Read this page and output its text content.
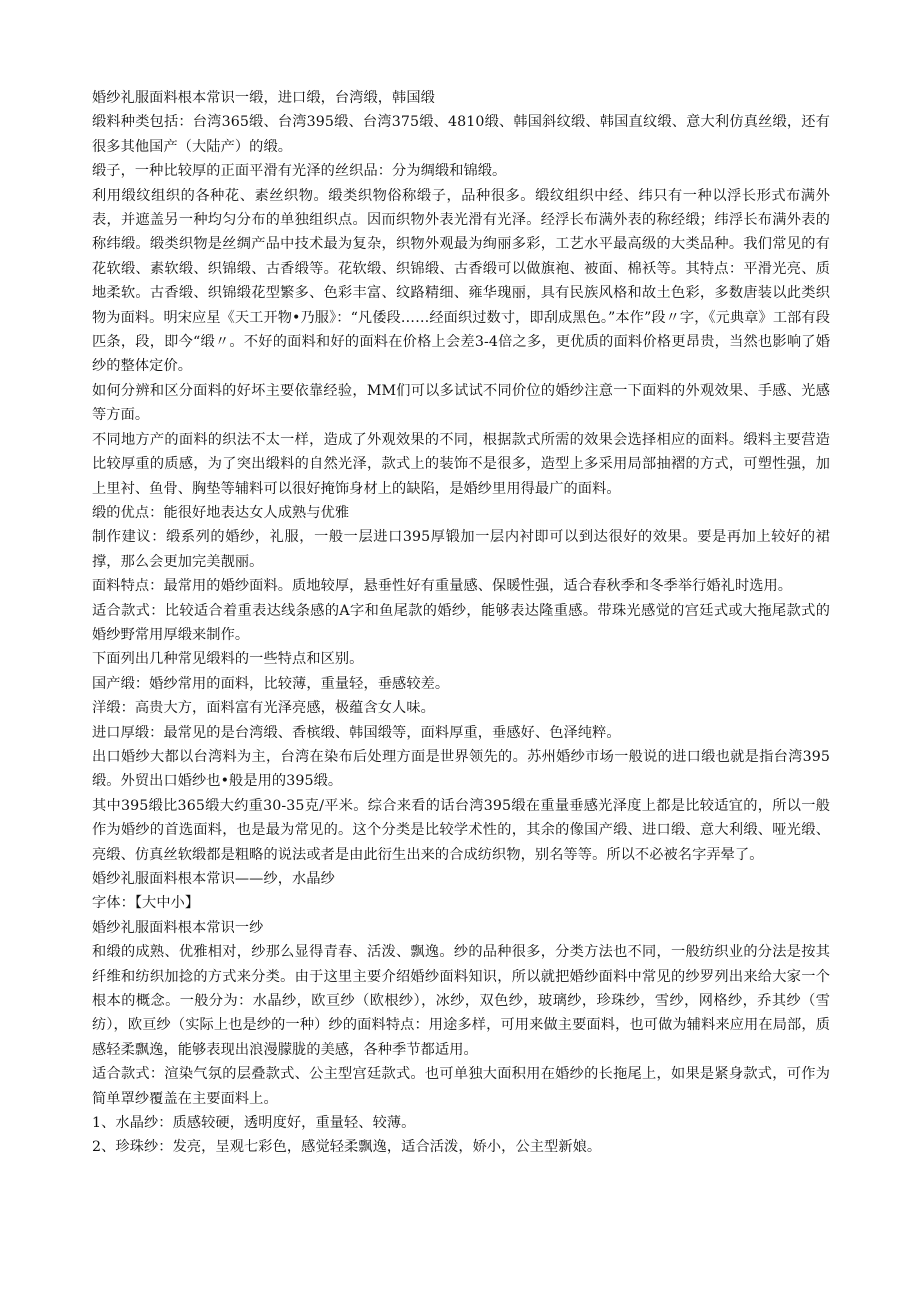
婚纱礼服面料根本常识一缎，进口缎，台湾缎，韩国缎

缎料种类包括：台湾365缎、台湾395缎、台湾375缎、4810缎、韩国斜纹缎、韩国直纹缎、意大利仿真丝缎，还有很多其他国产（大陆产）的缎。

缎子，一种比较厚的正面平滑有光泽的丝织品：分为绸缎和锦缎。

利用缎纹组织的各种花、素丝织物。缎类织物俗称缎子，品种很多。缎纹组织中经、纬只有一种以浮长形式布满外表，并遮盖另一种均匀分布的单独组织点。因而织物外表光滑有光泽。经浮长布满外表的称经缎；纬浮长布满外表的称纬缎。缎类织物是丝绸产品中技术最为复杂，织物外观最为绚丽多彩，工艺水平最高级的大类品种。我们常见的有花软缎、素软缎、织锦缎、古香缎等。花软缎、织锦缎、古香缎可以做旗袍、被面、棉袄等。其特点：平滑光亮、质地柔软。古香缎、织锦缎花型繁多、色彩丰富、纹路精细、雍华瑰丽，具有民族风格和故土色彩，多数唐装以此类织物为面料。明宋应星《天工开物•乃服》：“凡倭段……经面织过数寸，即刮成黑色。”本作”段〃字，《元典章》工部有段匹条，段，即今“缎〃。不好的面料和好的面料在价格上会差3-4倍之多，更优质的面料价格更昂贵，当然也影响了婚纱的整体定价。

如何分辨和区分面料的好坏主要依靠经验，MM们可以多试试不同价位的婚纱注意一下面料的外观效果、手感、光感等方面。

不同地方产的面料的织法不太一样，造成了外观效果的不同，根据款式所需的效果会选择相应的面料。缎料主要营造比较厚重的质感，为了突出缎料的自然光泽，款式上的装饰不是很多，造型上多采用局部抽褶的方式，可塑性强，加上里衬、鱼骨、胸垫等辅料可以很好掩饰身材上的缺陷，是婚纱里用得最广的面料。

缎的优点：能很好地表达女人成熟与优雅

制作建议：缎系列的婚纱，礼服，一般一层进口395厚锻加一层内衬即可以到达很好的效果。要是再加上较好的裙撑，那么会更加完美靓丽。

面料特点：最常用的婚纱面料。质地较厚，悬垂性好有重量感、保暖性强，适合春秋季和冬季举行婚礼时选用。

适合款式：比较适合着重表达线条感的A字和鱼尾款的婚纱，能够表达隆重感。带珠光感觉的宫廷式或大拖尾款式的婚纱野常用厚缎来制作。

下面列出几种常见缎料的一些特点和区别。

国产缎：婚纱常用的面料，比较薄，重量轻，垂感较差。

洋缎：高贵大方，面料富有光泽亮感，极蕴含女人味。

进口厚缎：最常见的是台湾缎、香槟缎、韩国缎等，面料厚重，垂感好、色泽纯粹。

出口婚纱大都以台湾料为主，台湾在染布后处理方面是世界领先的。苏州婚纱市场一般说的进口缎也就是指台湾395缎。外贸出口婚纱也•般是用的395缎。

其中395缎比365缎大约重30-35克/平米。综合来看的话台湾395缎在重量垂感光泽度上都是比较适宜的，所以一般作为婚纱的首选面料，也是最为常见的。这个分类是比较学术性的，其余的像国产缎、进口缎、意大利缎、哑光缎、亮缎、仿真丝软缎都是粗略的说法或者是由此衍生出来的合成纺织物，别名等等。所以不必被名字弄晕了。

婚纱礼服面料根本常识——纱，水晶纱

字体：【大中小】

婚纱礼服面料根本常识一纱

和缎的成熟、优雅相对，纱那么显得青春、活泼、飘逸。纱的品种很多，分类方法也不同，一般纺织业的分法是按其纤维和纺织加捻的方式来分类。由于这里主要介绍婚纱面料知识，所以就把婚纱面料中常见的纱罗列出来给大家一个根本的概念。一般分为：水晶纱，欧亘纱（欧根纱），冰纱，双色纱，玻璃纱，珍珠纱，雪纱，网格纱，乔其纱（雪纺），欧亘纱（实际上也是纱的一种）纱的面料特点：用途多样，可用来做主要面料，也可做为辅料来应用在局部，质感轻柔飘逸，能够表现出浪漫朦胧的美感，各种季节都适用。

适合款式：渲染气氛的层叠款式、公主型宫廷款式。也可单独大面积用在婚纱的长拖尾上，如果是紧身款式，可作为简单罩纱覆盖在主要面料上。

1、水晶纱：质感较硬，透明度好，重量轻、较薄。

2、珍珠纱：发亮，呈观七彩色，感觉轻柔飘逸，适合活泼，娇小，公主型新娘。
